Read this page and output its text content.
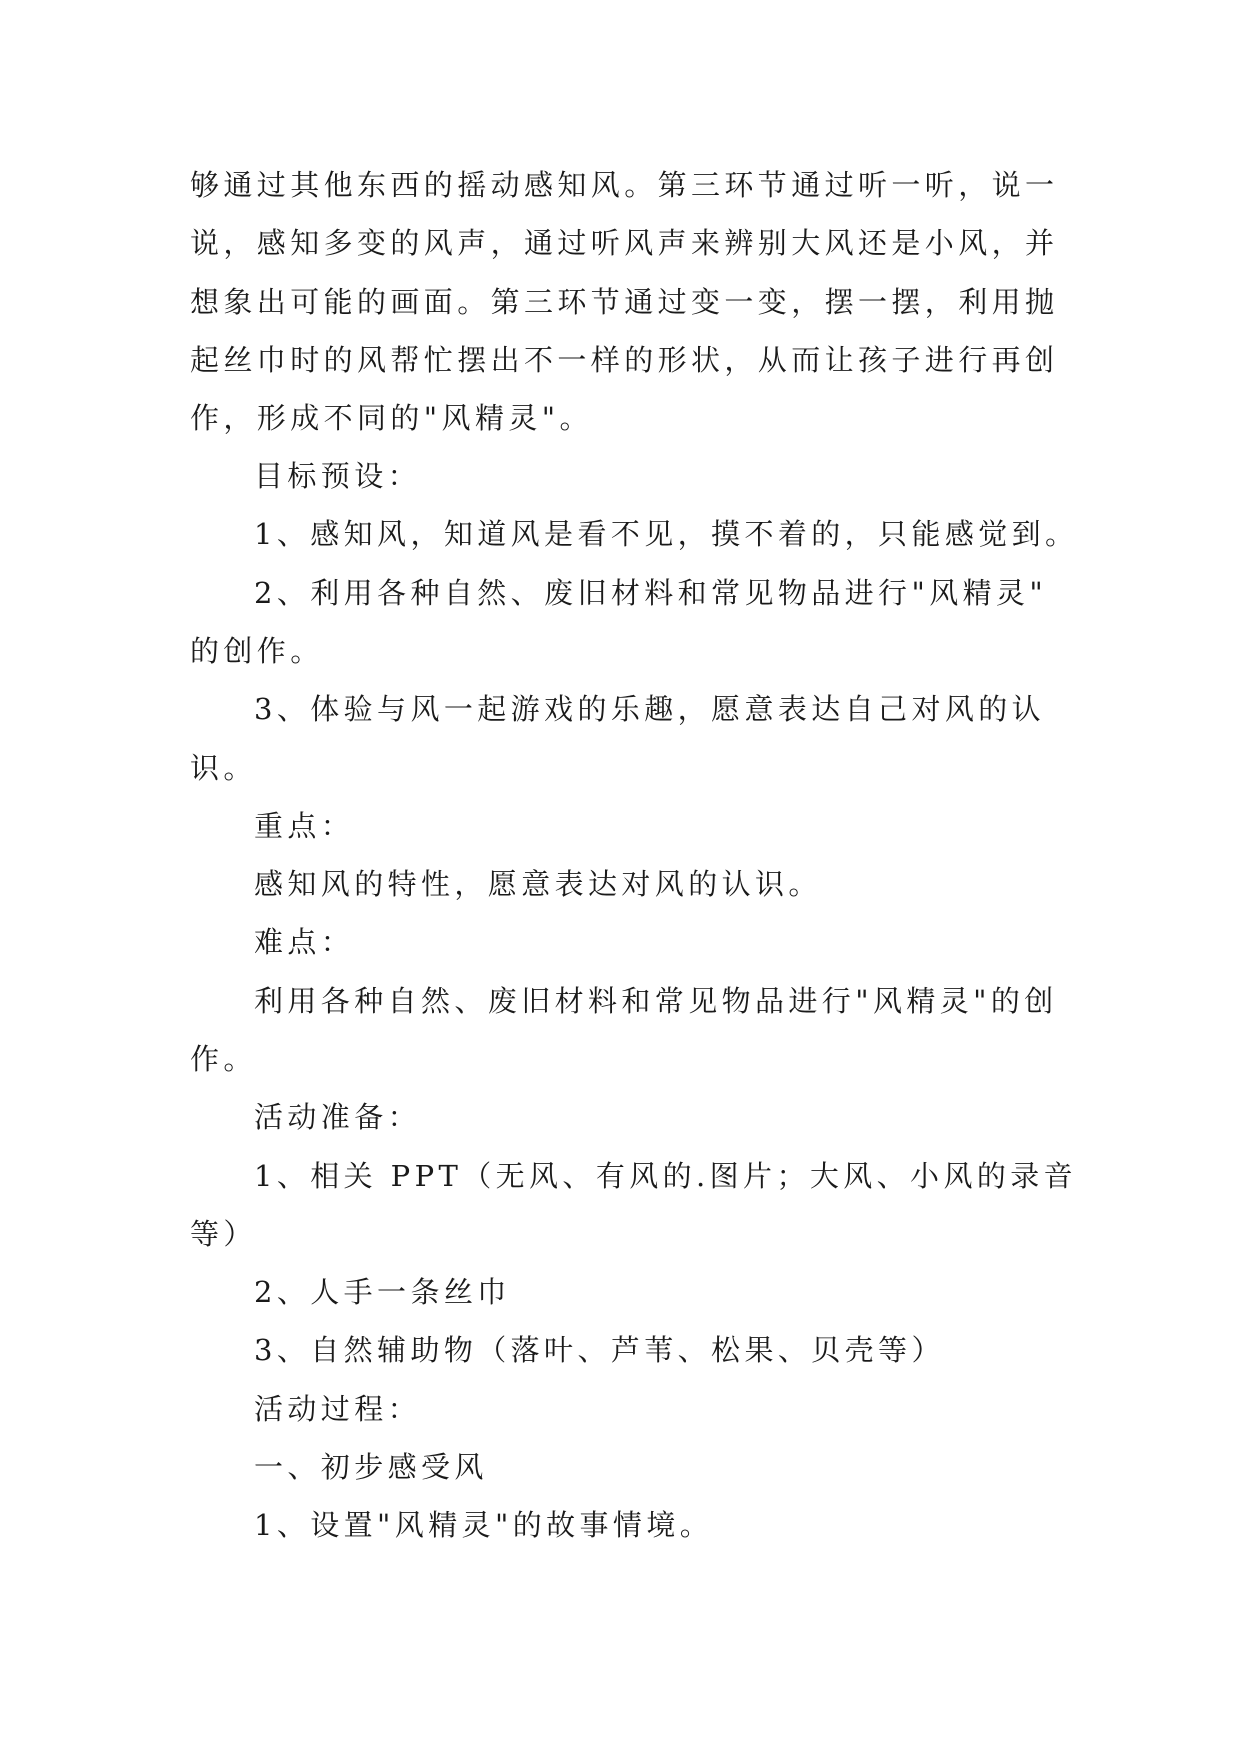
够通过其他东西的摇动感知风。第三环节通过听一听，说一
说，感知多变的风声，通过听风声来辨别大风还是小风，并
想象出可能的画面。第三环节通过变一变，摆一摆，利用抛
起丝巾时的风帮忙摆出不一样的形状，从而让孩子进行再创
作，形成不同的"风精灵"。
目标预设：
1、感知风，知道风是看不见，摸不着的，只能感觉到。
2、利用各种自然、废旧材料和常见物品进行"风精灵"
的创作。
3、体验与风一起游戏的乐趣，愿意表达自己对风的认
识。
重点：
感知风的特性，愿意表达对风的认识。
难点：
利用各种自然、废旧材料和常见物品进行"风精灵"的创
作。
活动准备：
1、相关 PPT（无风、有风的.图片；大风、小风的录音
等）
2、人手一条丝巾
3、自然辅助物（落叶、芦苇、松果、贝壳等）
活动过程：
一、初步感受风
1、设置"风精灵"的故事情境。
